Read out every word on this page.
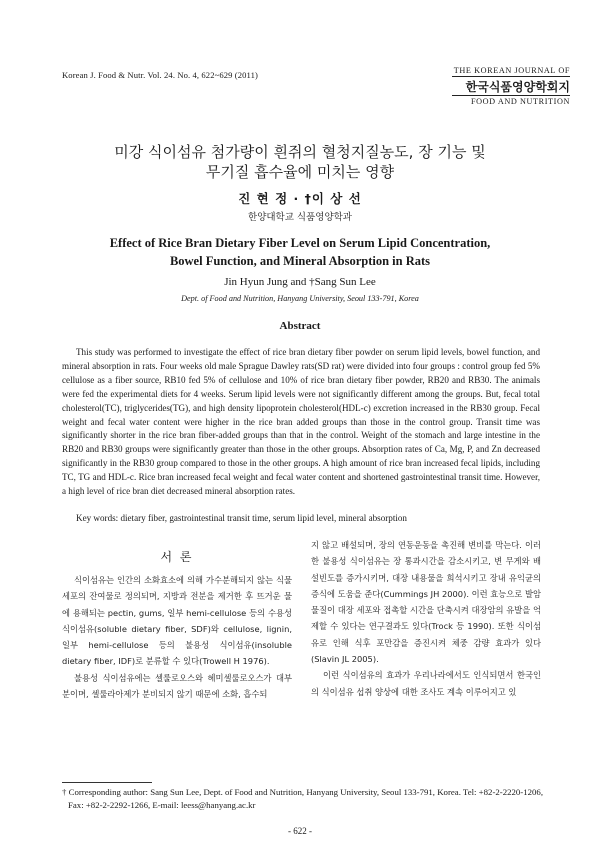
Korean J. Food & Nutr. Vol. 24. No. 4, 622~629 (2011)	THE KOREAN JOURNAL OF
한국식품영양학회지
FOOD AND NUTRITION
미강 식이섬유 첨가량이 흰쥐의 혈청지질농도, 장 기능 및
무기질 흡수율에 미치는 영향
진 현 정 · †이 상 선
한양대학교 식품영양학과
Effect of Rice Bran Dietary Fiber Level on Serum Lipid Concentration,
Bowel Function, and Mineral Absorption in Rats
Jin Hyun Jung and †Sang Sun Lee
Dept. of Food and Nutrition, Hanyang University, Seoul 133-791, Korea
Abstract
This study was performed to investigate the effect of rice bran dietary fiber powder on serum lipid levels, bowel function, and mineral absorption in rats. Four weeks old male Sprague Dawley rats(SD rat) were divided into four groups : control group fed 5% cellulose as a fiber source, RB10 fed 5% of cellulose and 10% of rice bran dietary fiber powder, RB20 and RB30. The animals were fed the experimental diets for 4 weeks. Serum lipid levels were not significantly different among the groups. But, fecal total cholesterol(TC), triglycerides(TG), and high density lipoprotein cholesterol(HDL-c) excretion increased in the RB30 group. Fecal weight and fecal water content were higher in the rice bran added groups than those in the control group. Transit time was significantly shorter in the rice bran fiber-added groups than that in the control. Weight of the stomach and large intestine in the RB20 and RB30 groups were significantly greater than those in the other groups. Absorption rates of Ca, Mg, P, and Zn decreased significantly in the RB30 group compared to those in the other groups. A high amount of rice bran increased fecal lipids, including TC, TG and HDL-c. Rice bran increased fecal weight and fecal water content and shortened gastrointestinal transit time. However, a high level of rice bran diet decreased mineral absorption rates.
Key words: dietary fiber, gastrointestinal transit time, serum lipid level, mineral absorption
서 론

식이섬유는 인간의 소화효소에 의해 가수분해되지 않는 식물세포의 잔여물로 정의되며, 지방과 전분을 제거한 후 뜨거운 물에 용해되는 pectin, gums, 일부 hemi-cellulose 등의 수용성 식이섬유(soluble dietary fiber, SDF)와 cellulose, lignin, 일부 hemi-cellulose 등의 불용성 식이섬유(insoluble dietary fiber, IDF)로 분류할 수 있다(Trowell H 1976).

불용성 식이섬유에는 셀룰로오스와 헤미셀룰로오스가 대부분이며, 셀룰라아제가 분비되지 않기 때문에 소화, 흡수되

지 않고 배설되며, 장의 연동운동을 촉진해 변비를 막는다. 이러한 불용성 식이섬유는 장 통과시간을 감소시키고, 변 무게와 배설빈도를 증가시키며, 대장 내용물을 희석시키고 장내 유익균의 증식에 도움을 준다(Cummings JH 2000). 이런 효능으로 발암물질이 대장 세포와 접촉할 시간을 단축시켜 대장암의 유발을 억제할 수 있다는 연구결과도 있다(Trock 등 1990). 또한 식이섬유로 인해 식후 포만감을 증진시켜 체중 감량 효과가 있다(Slavin JL 2005).

이런 식이섬유의 효과가 우리나라에서도 인식되면서 한국인의 식이섬유 섭취 양상에 대한 조사도 계속 이루어지고 있

† Corresponding author: Sang Sun Lee, Dept. of Food and Nutrition, Hanyang University, Seoul 133-791, Korea. Tel: +82-2-2220-1206, Fax: +82-2-2292-1266, E-mail: leess@hanyang.ac.kr
- 622 -
